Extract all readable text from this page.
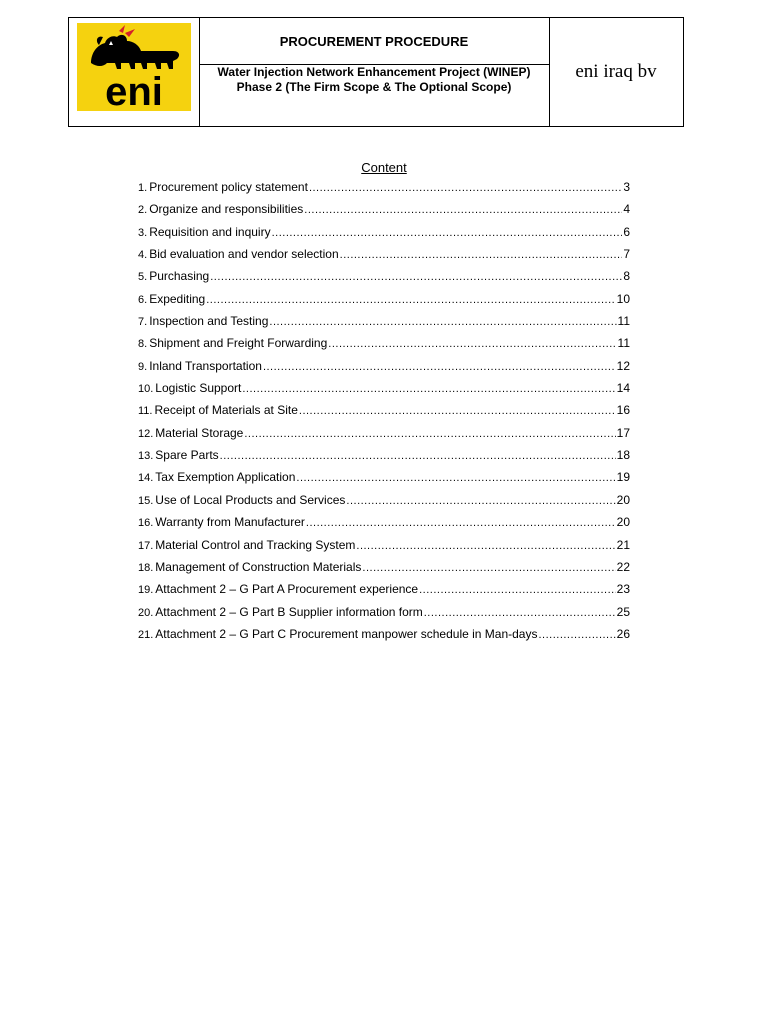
eni
PROCUREMENT PROCEDURE
Water Injection Network Enhancement Project (WINEP)
Phase 2 (The Firm Scope & The Optional Scope)
eni iraq bv
Content
1. Procurement policy statement .....	3
2. Organize and responsibilities .....	4
3. Requisition and inquiry .....	6
4. Bid evaluation and vendor selection .....	7
5. Purchasing .....	8
6. Expediting .....	10
7. Inspection and Testing .....	11
8. Shipment and Freight Forwarding .....	11
9. Inland Transportation .....	12
10. Logistic Support .....	14
11. Receipt of Materials at Site .....	16
12. Material Storage .....	17
13. Spare Parts .....	18
14. Tax Exemption Application .....	19
15. Use of Local Products and Services .....	20
16. Warranty from Manufacturer .....	20
17. Material Control and Tracking System .....	21
18. Management of Construction Materials .....	22
19. Attachment 2 – G Part A Procurement experience .....	23
20. Attachment 2 – G Part B Supplier information form .....	25
21. Attachment 2 – G Part C Procurement manpower schedule in Man-days .....	26
